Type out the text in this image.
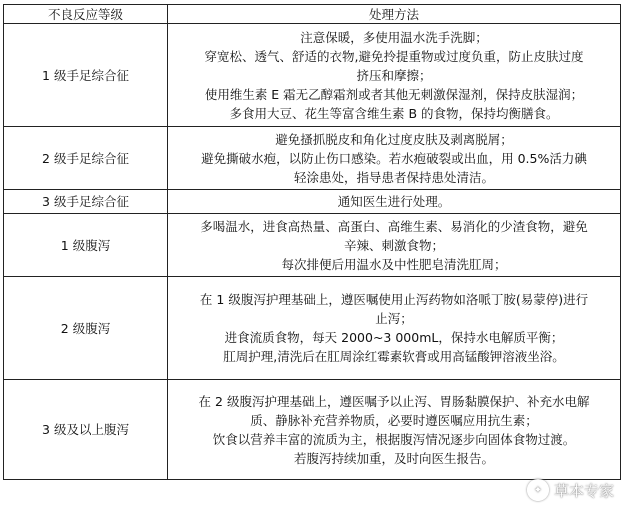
不良反应等级	处理方法
1 级手足综合征	注意保暖，多使用温水洗手洗脚；
穿宽松、透气、舒适的衣物,避免拎提重物或过度负重，防止皮肤过度
挤压和摩擦；
使用维生素 E 霜无乙醇霜剂或者其他无刺激保湿剂，保持皮肤湿润；
多食用大豆、花生等富含维生素 B 的食物，保持均衡膳食。

2 级手足综合征	避免搔抓脱皮和角化过度皮肤及剥离脱屑；
避免撕破水疱，以防止伤口感染。若水疱破裂或出血，用 0.5%活力碘
轻涂患处，指导患者保持患处清洁。

3 级手足综合征	通知医生进行处理。

1 级腹泻	多喝温水，进食高热量、高蛋白、高维生素、易消化的少渣食物，避免
辛辣、刺激食物；
每次排便后用温水及中性肥皂清洗肛周；

2 级腹泻	在 1 级腹泻护理基础上，遵医嘱使用止泻药物如洛哌丁胺(易蒙停)进行
止泻；
进食流质食物，每天 2000~3 000mL，保持水电解质平衡；
肛周护理,清洗后在肛周涂红霉素软膏或用高锰酸钾溶液坐浴。

3 级及以上腹泻	在 2 级腹泻护理基础上，遵医嘱予以止泻、胃肠黏膜保护、补充水电解
质、静脉补充营养物质，必要时遵医嘱应用抗生素；
饮食以营养丰富的流质为主，根据腹泻情况逐步向固体食物过渡。
若腹泻持续加重，及时向医生报告。
✦ 草本专家
